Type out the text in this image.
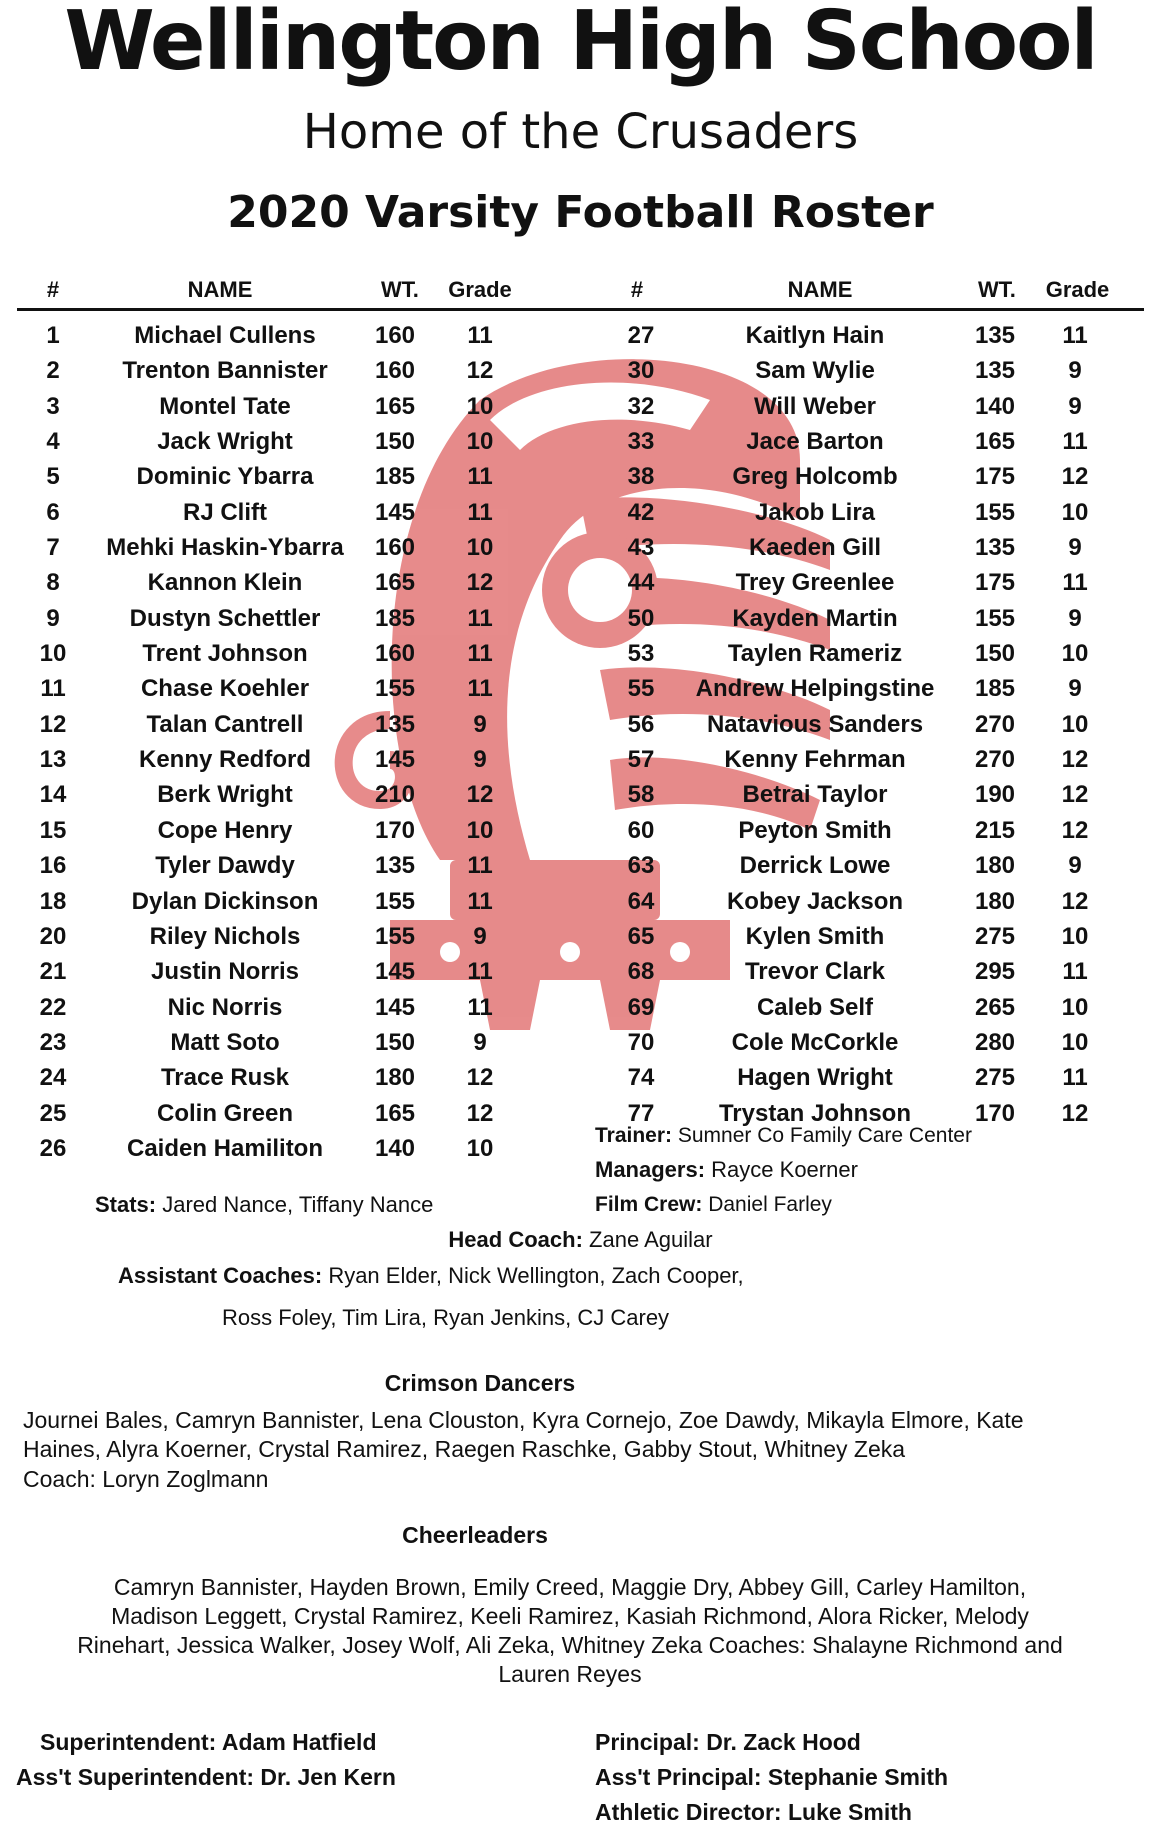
Wellington High School
Home of the Crusaders
2020 Varsity Football Roster
#	NAME	WT.	Grade	#	NAME	WT.	Grade
1	Michael Cullens	160	11
2	Trenton Bannister	160	12
3	Montel Tate	165	10
4	Jack Wright	150	10
5	Dominic Ybarra	185	11
6	RJ Clift	145	11
7	Mehki Haskin-Ybarra	160	10
8	Kannon Klein	165	12
9	Dustyn Schettler	185	11
10	Trent Johnson	160	11
11	Chase Koehler	155	11
12	Talan Cantrell	135	9
13	Kenny Redford	145	9
14	Berk Wright	210	12
15	Cope Henry	170	10
16	Tyler Dawdy	135	11
18	Dylan Dickinson	155	11
20	Riley Nichols	155	9
21	Justin Norris	145	11
22	Nic Norris	145	11
23	Matt Soto	150	9
24	Trace Rusk	180	12
25	Colin Green	165	12
26	Caiden Hamiliton	140	10
27	Kaitlyn Hain	135	11
30	Sam Wylie	135	9
32	Will Weber	140	9
33	Jace Barton	165	11
38	Greg Holcomb	175	12
42	Jakob Lira	155	10
43	Kaeden Gill	135	9
44	Trey Greenlee	175	11
50	Kayden Martin	155	9
53	Taylen Rameriz	150	10
55	Andrew Helpingstine	185	9
56	Natavious Sanders	270	10
57	Kenny Fehrman	270	12
58	Betrai Taylor	190	12
60	Peyton Smith	215	12
63	Derrick Lowe	180	9
64	Kobey Jackson	180	12
65	Kylen Smith	275	10
68	Trevor Clark	295	11
69	Caleb Self	265	10
70	Cole McCorkle	280	10
74	Hagen Wright	275	11
77	Trystan Johnson	170	12
Trainer: Sumner Co Family Care Center
Managers: Rayce Koerner
Stats: Jared Nance, Tiffany Nance	Film Crew: Daniel Farley
Head Coach: Zane Aguilar
Assistant Coaches: Ryan Elder, Nick Wellington, Zach Cooper,
Ross Foley, Tim Lira, Ryan Jenkins, CJ Carey
Crimson Dancers
Journei Bales, Camryn Bannister, Lena Clouston, Kyra Cornejo, Zoe Dawdy, Mikayla Elmore, Kate
Haines, Alyra Koerner, Crystal Ramirez, Raegen Raschke, Gabby Stout, Whitney Zeka
Coach: Loryn Zoglmann
Cheerleaders
Camryn Bannister, Hayden Brown, Emily Creed, Maggie Dry, Abbey Gill, Carley Hamilton,
Madison Leggett, Crystal Ramirez, Keeli Ramirez, Kasiah Richmond, Alora Ricker, Melody
Rinehart, Jessica Walker, Josey Wolf, Ali Zeka, Whitney Zeka Coaches: Shalayne Richmond and
Lauren Reyes
Superintendent: Adam Hatfield
Ass't Superintendent: Dr. Jen Kern
Principal: Dr. Zack Hood
Ass't Principal: Stephanie Smith
Athletic Director: Luke Smith
